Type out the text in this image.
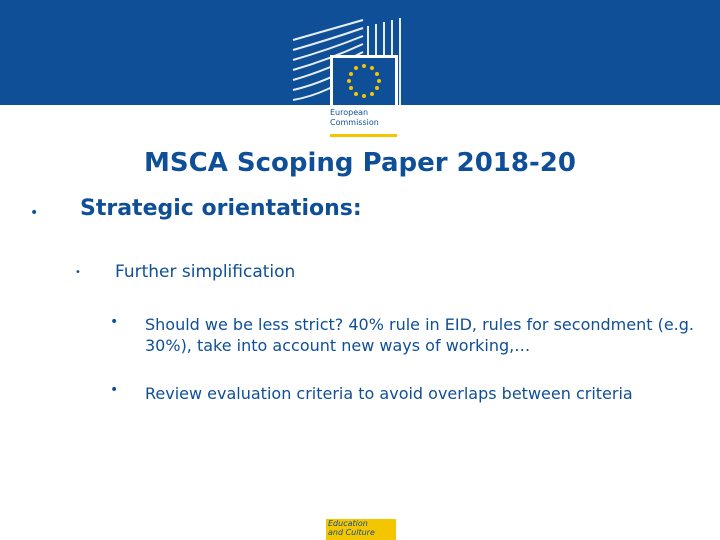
European
Commission
MSCA Scoping Paper 2018-20
• Strategic orientations:
• Further simplification
• Should we be less strict? 40% rule in EID, rules for secondment (e.g. 30%), take into account new ways of working,…
• Review evaluation criteria to avoid overlaps between criteria
Education
and Culture
